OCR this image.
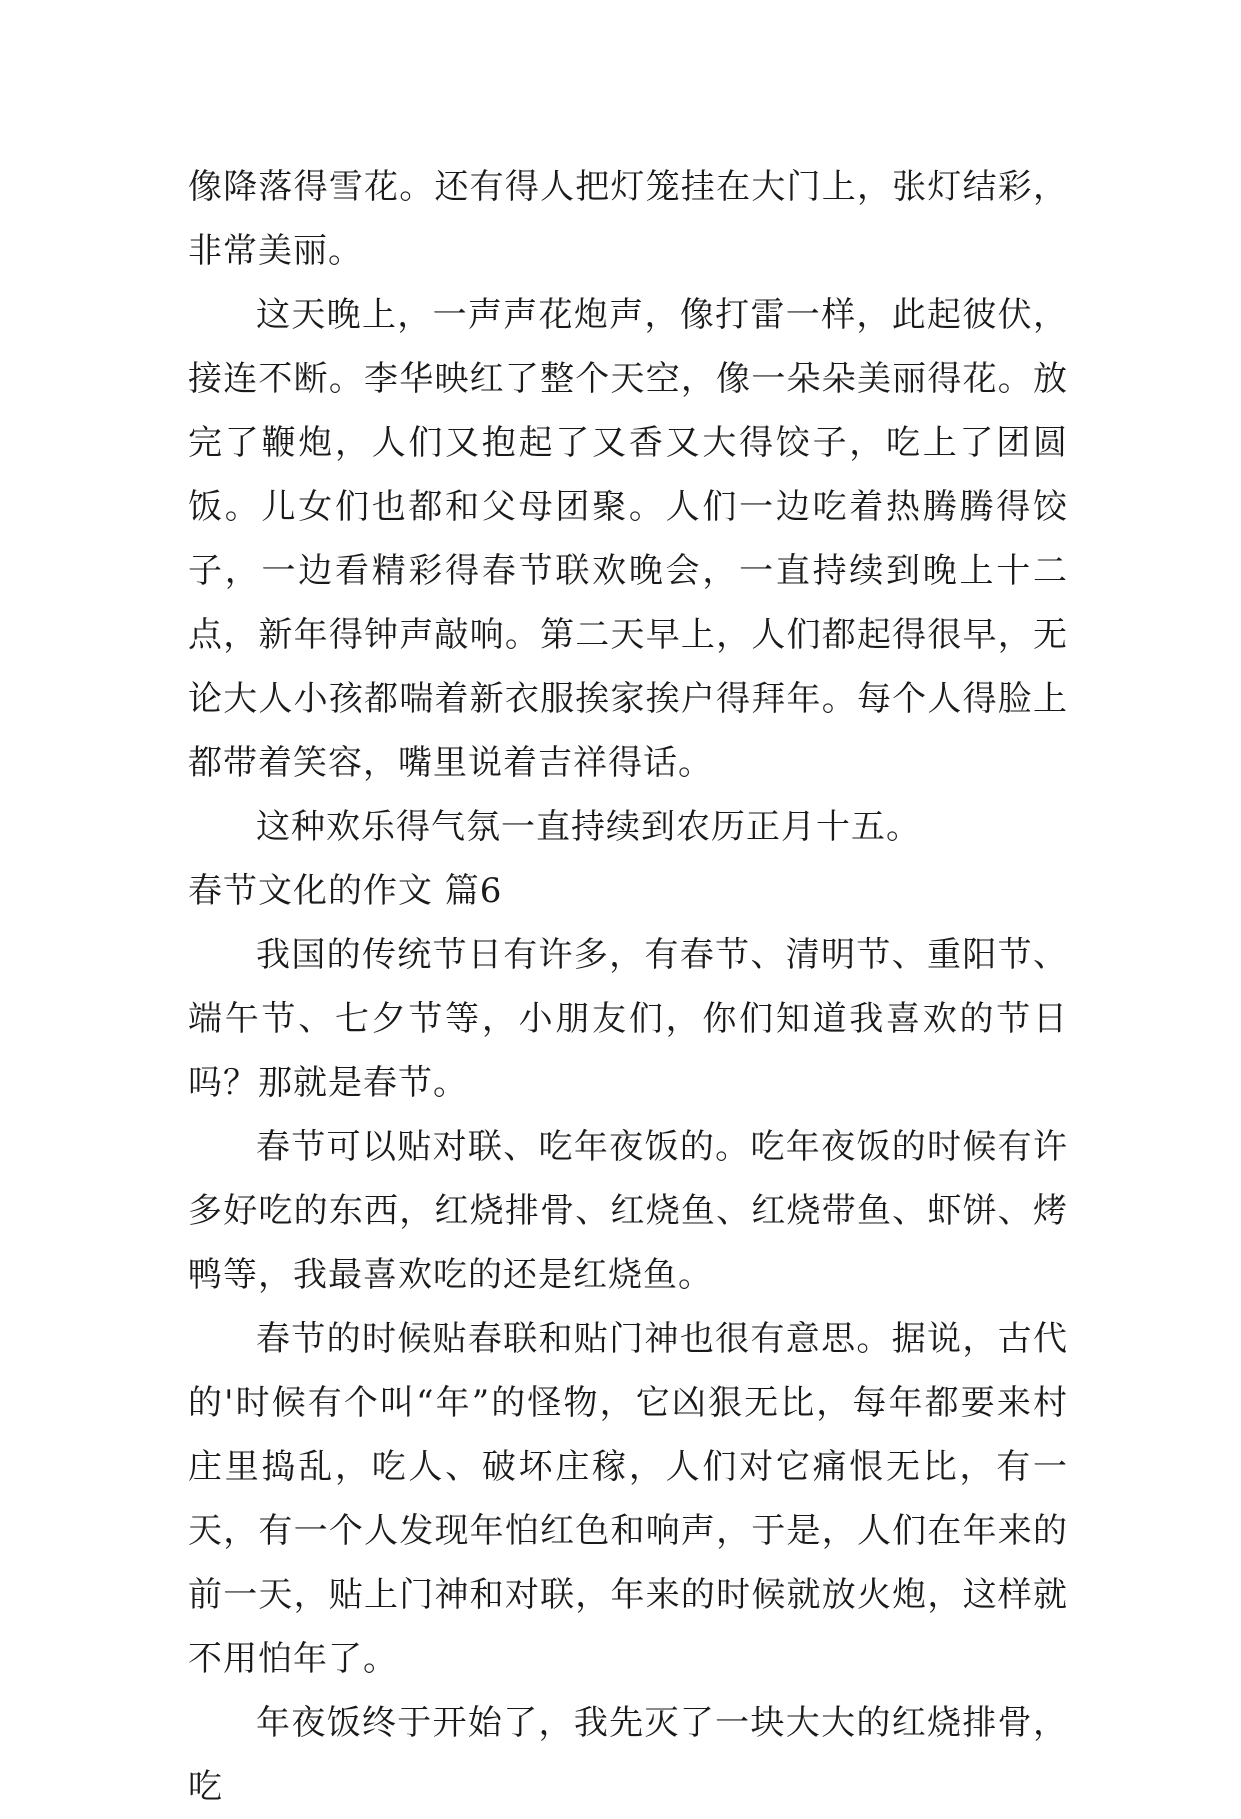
像降落得雪花。还有得人把灯笼挂在大门上，张灯结彩，非常美丽。

这天晚上，一声声花炮声，像打雷一样，此起彼伏，接连不断。李华映红了整个天空，像一朵朵美丽得花。放完了鞭炮，人们又抱起了又香又大得饺子，吃上了团圆饭。儿女们也都和父母团聚。人们一边吃着热腾腾得饺子，一边看精彩得春节联欢晚会，一直持续到晚上十二点，新年得钟声敲响。第二天早上，人们都起得很早，无论大人小孩都喘着新衣服挨家挨户得拜年。每个人得脸上都带着笑容，嘴里说着吉祥得话。

这种欢乐得气氛一直持续到农历正月十五。

春节文化的作文 篇6

我国的传统节日有许多，有春节、清明节、重阳节、端午节、七夕节等，小朋友们，你们知道我喜欢的节日吗？那就是春节。

春节可以贴对联、吃年夜饭的。吃年夜饭的时候有许多好吃的东西，红烧排骨、红烧鱼、红烧带鱼、虾饼、烤鸭等，我最喜欢吃的还是红烧鱼。

春节的时候贴春联和贴门神也很有意思。据说，古代的'时候有个叫“年”的怪物，它凶狠无比，每年都要来村庄里捣乱，吃人、破坏庄稼，人们对它痛恨无比，有一天，有一个人发现年怕红色和响声，于是，人们在年来的前一天，贴上门神和对联，年来的时候就放火炮，这样就不用怕年了。

年夜饭终于开始了，我先灭了一块大大的红烧排骨，吃
